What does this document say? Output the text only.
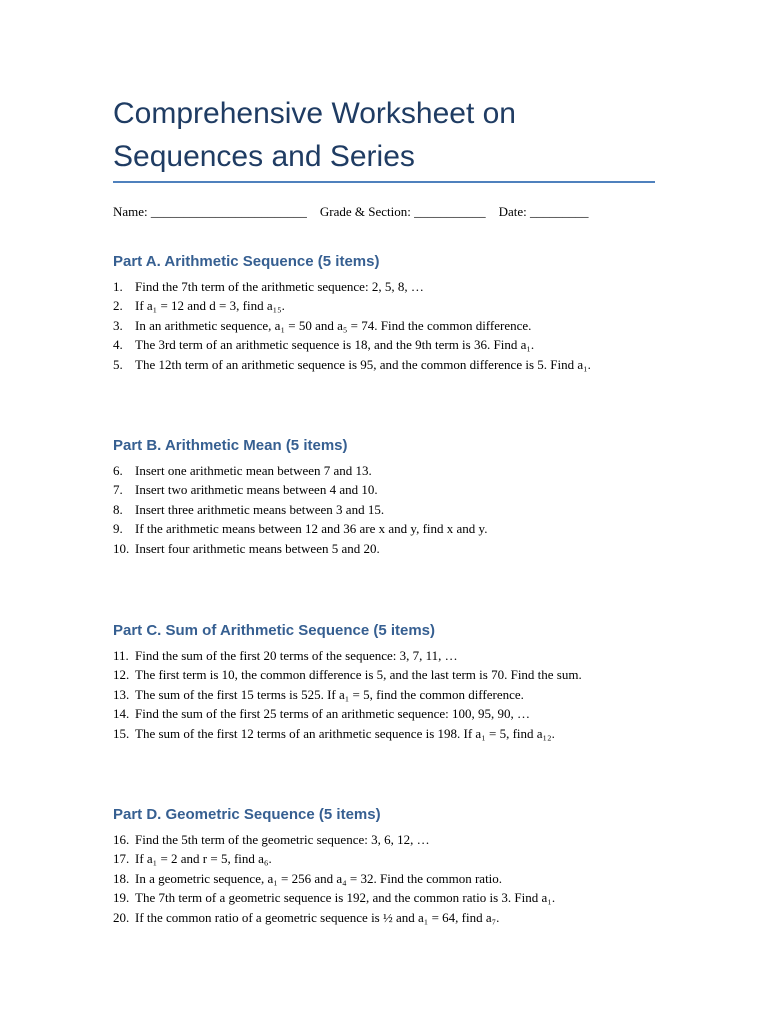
Comprehensive Worksheet on
Sequences and Series
Name: ________________________ Grade & Section: ___________ Date: _________
Part A. Arithmetic Sequence (5 items)
1. Find the 7th term of the arithmetic sequence: 2, 5, 8, …
2. If a₁ = 12 and d = 3, find a₁₅.
3. In an arithmetic sequence, a₁ = 50 and a₅ = 74. Find the common difference.
4. The 3rd term of an arithmetic sequence is 18, and the 9th term is 36. Find a₁.
5. The 12th term of an arithmetic sequence is 95, and the common difference is 5. Find a₁.
Part B. Arithmetic Mean (5 items)
6. Insert one arithmetic mean between 7 and 13.
7. Insert two arithmetic means between 4 and 10.
8. Insert three arithmetic means between 3 and 15.
9. If the arithmetic means between 12 and 36 are x and y, find x and y.
10. Insert four arithmetic means between 5 and 20.
Part C. Sum of Arithmetic Sequence (5 items)
11. Find the sum of the first 20 terms of the sequence: 3, 7, 11, …
12. The first term is 10, the common difference is 5, and the last term is 70. Find the sum.
13. The sum of the first 15 terms is 525. If a₁ = 5, find the common difference.
14. Find the sum of the first 25 terms of an arithmetic sequence: 100, 95, 90, …
15. The sum of the first 12 terms of an arithmetic sequence is 198. If a₁ = 5, find a₁₂.
Part D. Geometric Sequence (5 items)
16. Find the 5th term of the geometric sequence: 3, 6, 12, …
17. If a₁ = 2 and r = 5, find a₆.
18. In a geometric sequence, a₁ = 256 and a₄ = 32. Find the common ratio.
19. The 7th term of a geometric sequence is 192, and the common ratio is 3. Find a₁.
20. If the common ratio of a geometric sequence is ½ and a₁ = 64, find a₇.
